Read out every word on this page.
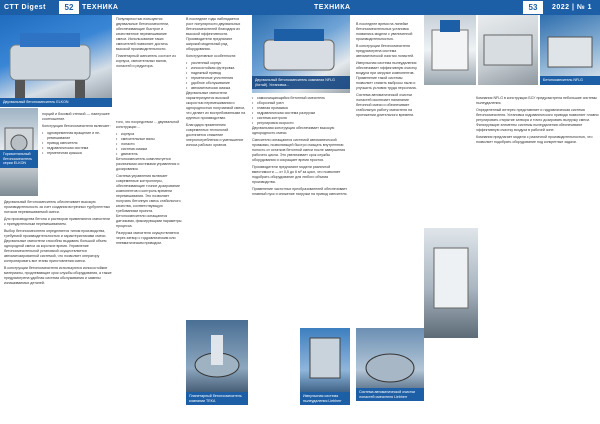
CTT Digest	ТЕХНИКА
52	ТЕХНИКА	2022 | № 1
53
Двухвальный бетоносмеситель ELKON

Популярностью пользуются двухвальные бетоносмесители, обеспечивающие быстрое и качественное перемешивание смеси. Использование таких смесителей позволяет достичь высокой производительности.

Планетарный смеситель состоит из корпуса, смесительных валов, лопастей и редуктора.

Горизонтальный бетоносмеситель серии ELKON

порций и боковой стенкой — наилучшее соотношение.

Конструкция бетоносмесителя включает:

• одновременная вращение и перемешивание
• привод смесителя
• гидравлическая система
• герметичная крышка

Двухвальный бетоносмеситель обеспечивает высокую производительность за счет создания встречных турбулентных потоков перемешиваемой смеси.

Для производства бетона и растворов применяются смесители с принудительным перемешиванием.

Выбор бетоносмесителя определяется типом производства, требуемой производительностью и характеристиками смеси. Двухвальные смесители способны выдавать большой объем однородной смеси за короткое время. Управление бетоносмесительной установкой осуществляется автоматизированной системой, что позволяет оператору контролировать все этапы приготовления смеси.

В конструкции бетоносмесителя используются износостойкие материалы, продлевающие срок службы оборудования, а также предусмотрена удобная система обслуживания и замены изнашиваемых деталей.

того, что посредством ... двухвальной конструкции ...

• корпуса
• смесительные валы
• лопасти
• система смазки
• двигатель

Бетоносмеситель комплектуется различными системами управления и дозирования.

Система управления включает современные контроллеры, обеспечивающие точное дозирование компонентов и контроль времени перемешивания. Это позволяет получать бетонную смесь стабильного качества, соответствующую требованиям проекта. Бетоносмесители оснащаются датчиками, фиксирующими параметры процесса.

Разгрузка смесителя осуществляется через затвор с гидравлическим или пневматическим приводом.

В последние годы наблюдается рост популярности двухвальных бетоносмесителей благодаря их высокой эффективности. Производители предлагают широкий модельный ряд оборудования.

Конструктивные особенности:

• усиленный корпус
• износостойкая футеровка
• надежный привод
• герметичные уплотнения
• удобное обслуживание
• автоматическая смазка

Двухвальные смесители характеризуются высокой скоростью перемешивания и однородностью получаемой смеси, что делает их востребованными на крупных производствах.

Благодаря применению современных технологий достигается снижение энергопотребления и уменьшение износа рабочих органов.

Планетарный бетоносмеситель компании TEKA
Двухвальный бетоносмеситель компании NFLG (Китай). Установка...
• самоочищающийся бетонный смеситель
• сборочный узел
• главная промывка
• гидравлическая система разгрузки
• система контроля
• регулировка скорости

Двухвальная конструкция обеспечивает высокую однородность смеси.

Смесители оснащаются системой автоматической промывки, позволяющей быстро очищать внутреннюю полость от остатков бетонной смеси после завершения рабочего цикла. Это увеличивает срок службы оборудования и сокращает время простоя.

Производители предлагают модели различной вместимости — от 0,5 до 6 м³ за цикл, что позволяет подобрать оборудование для любого объема производства.

Применение частотных преобразователей обеспечивает плавный пуск и снижение нагрузки на привод смесителя.

Импульсная система пылеудаления Liebherr

В последнее время на линейке бетоносмесительных установок появились модели с увеличенной производительностью.

В конструкции бетоносмесителя предусмотрена система автоматической очистки лопастей.

Импульсная система пылеудаления обеспечивает эффективную очистку воздуха при загрузке компонентов. Применение такой системы позволяет снизить выбросы пыли и улучшить условия труда персонала.

Система автоматической очистки лопастей исключает налипание бетонной смеси и обеспечивает стабильную работу смесителя на протяжении длительного времени.

Бетоносмеситель NFLG

Компания NFLG в конструкции БСУ предусмотрела небольшие системы пылеудаления.

Определенный интерес представляет и гидравлическая система бетоносмесителя. Установка гидравлического привода позволяет плавно регулировать открытие затвора и точно дозировать выгрузку смеси. Фильтрующие элементы системы пылеудаления обеспечивают эффективную очистку воздуха в рабочей зоне.

Компания предлагает модели с различной производительностью, что позволяет подобрать оборудование под конкретные задачи.

Система автоматической очистки лопастей смесителя Liebherr
